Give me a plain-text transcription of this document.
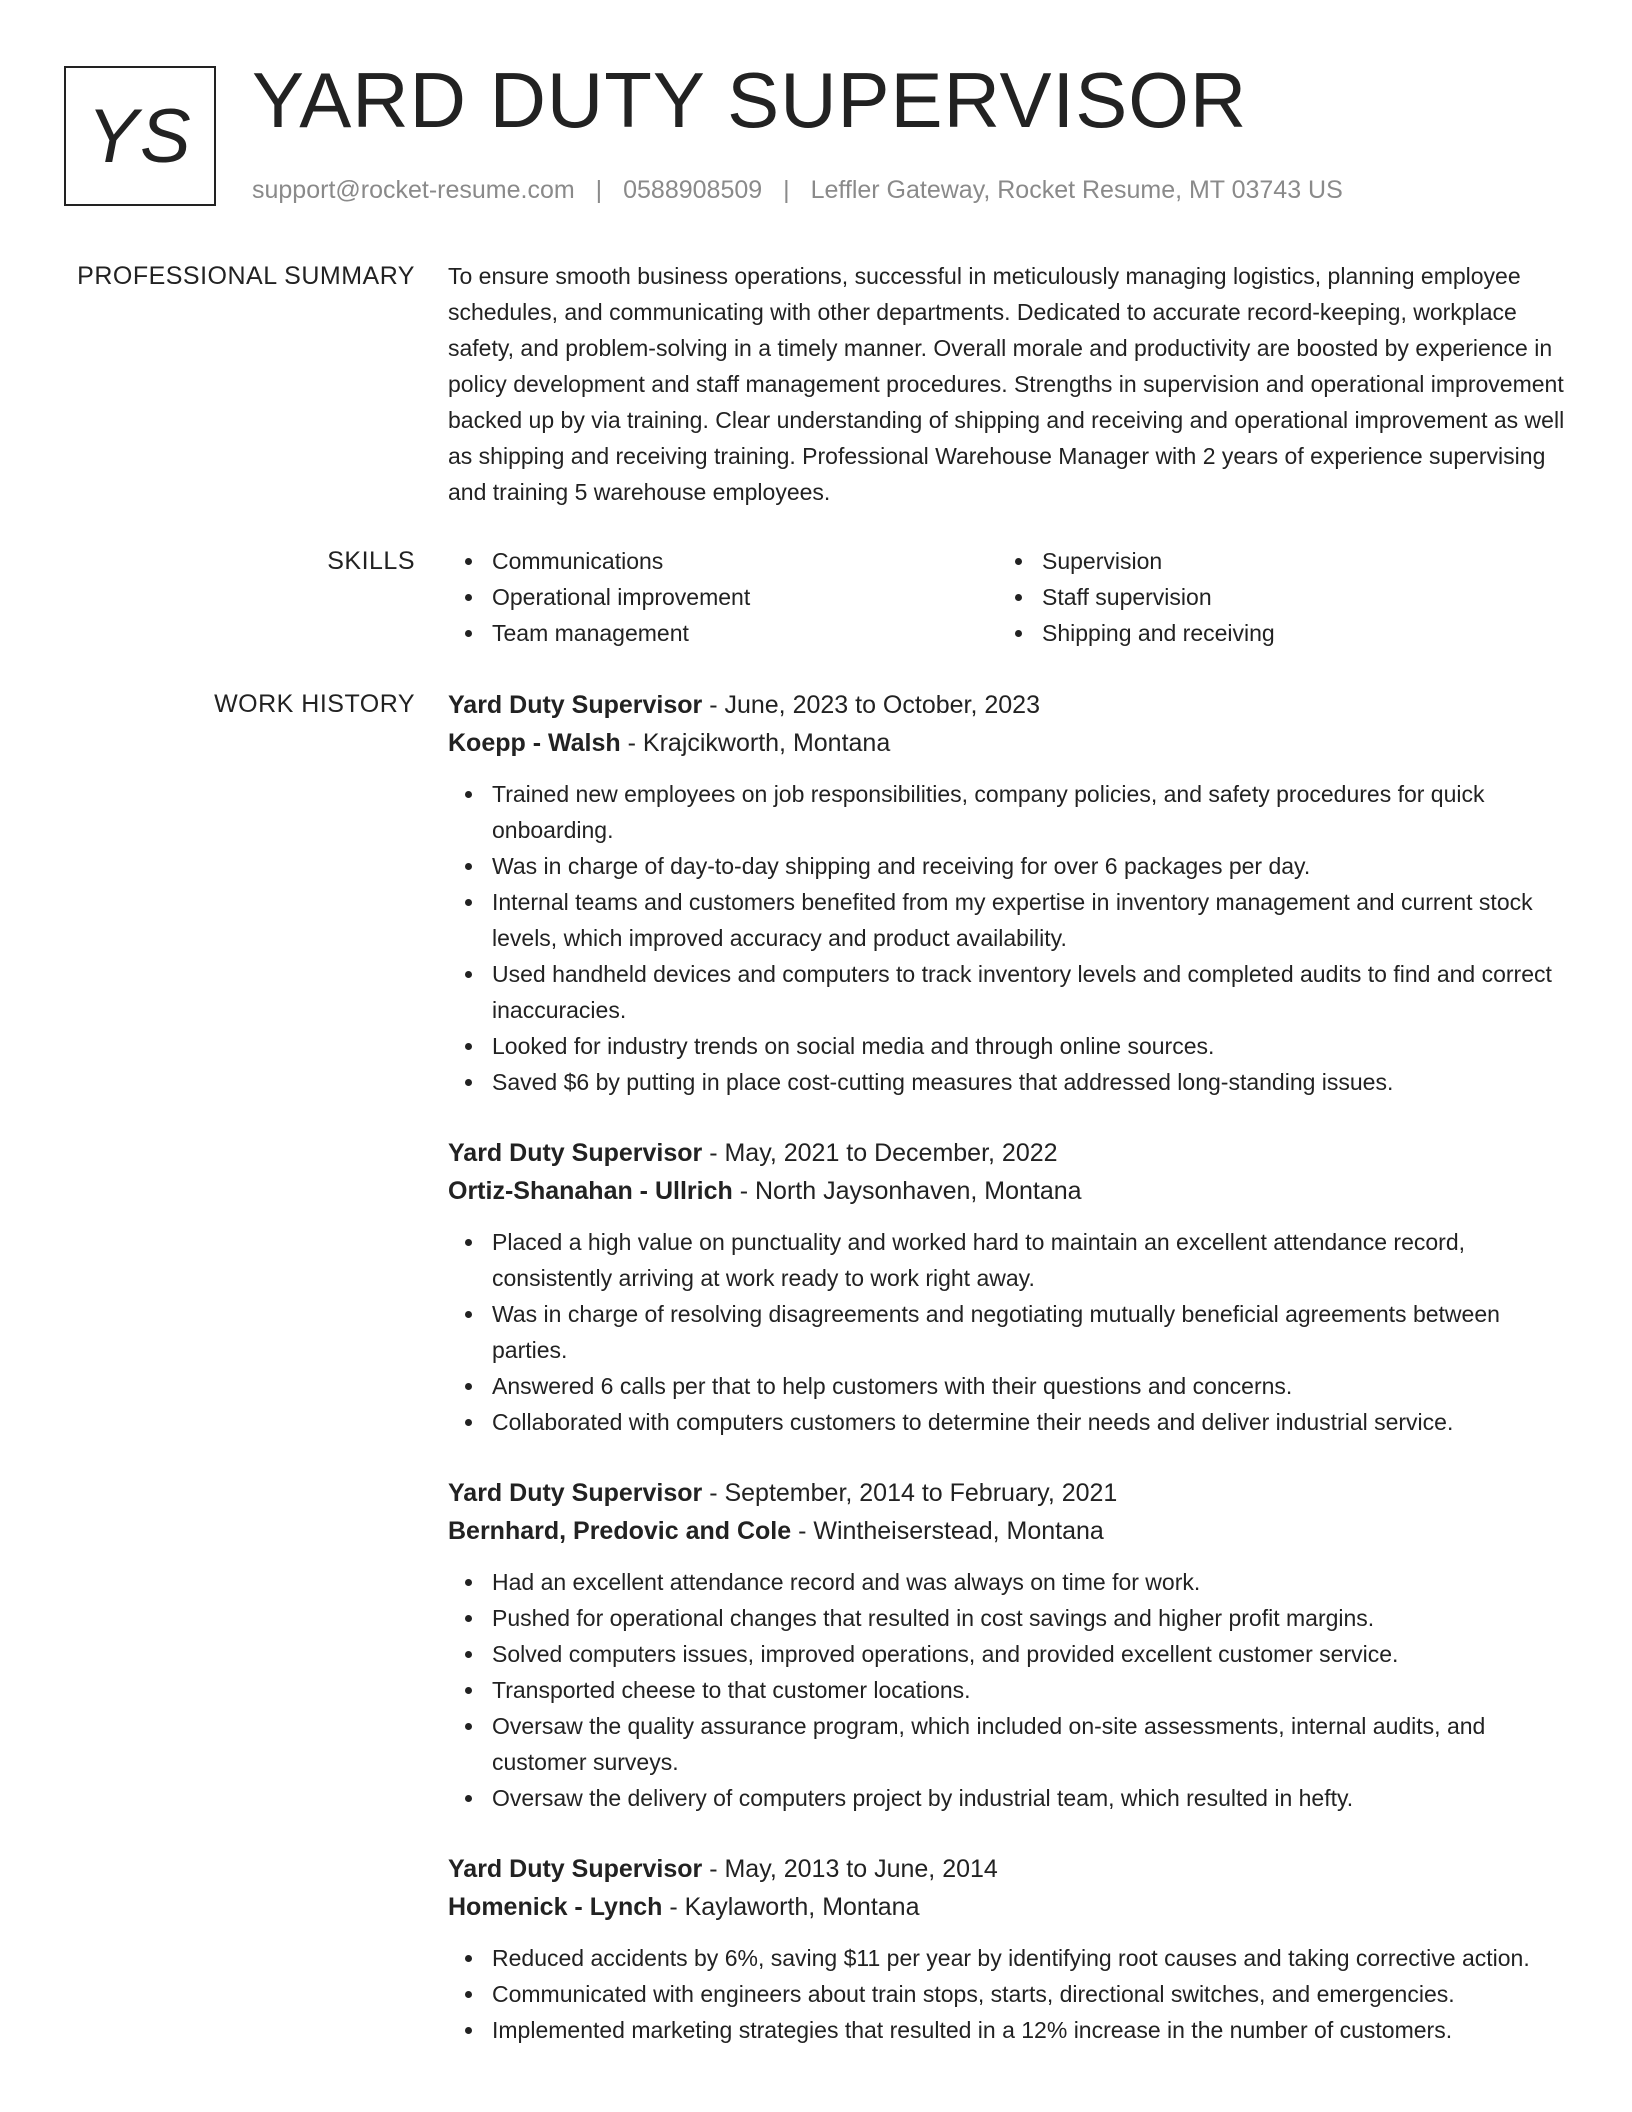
YS YARD DUTY SUPERVISOR
support@rocket-resume.com | 0588908509 | Leffler Gateway, Rocket Resume, MT 03743 US
PROFESSIONAL SUMMARY To ensure smooth business operations, successful in meticulously managing logistics, planning employee schedules, and communicating with other departments. Dedicated to accurate record-keeping, workplace safety, and problem-solving in a timely manner. Overall morale and productivity are boosted by experience in policy development and staff management procedures. Strengths in supervision and operational improvement backed up by via training. Clear understanding of shipping and receiving and operational improvement as well as shipping and receiving training. Professional Warehouse Manager with 2 years of experience supervising and training 5 warehouse employees.

SKILLS	Communications
Operational improvement
Team management
Supervision
Staff supervision
Shipping and receiving
WORK HISTORY Yard Duty Supervisor - June, 2023 to October, 2023
Koepp - Walsh - Krajcikworth, Montana
Trained new employees on job responsibilities, company policies, and safety procedures for quick onboarding.
Was in charge of day-to-day shipping and receiving for over 6 packages per day.
Internal teams and customers benefited from my expertise in inventory management and current stock levels, which improved accuracy and product availability.
Used handheld devices and computers to track inventory levels and completed audits to find and correct inaccuracies.
Looked for industry trends on social media and through online sources.
Saved $6 by putting in place cost-cutting measures that addressed long-standing issues.
Yard Duty Supervisor - May, 2021 to December, 2022
Ortiz-Shanahan - Ullrich - North Jaysonhaven, Montana
Placed a high value on punctuality and worked hard to maintain an excellent attendance record, consistently arriving at work ready to work right away.
Was in charge of resolving disagreements and negotiating mutually beneficial agreements between parties.
Answered 6 calls per that to help customers with their questions and concerns.
Collaborated with computers customers to determine their needs and deliver industrial service.
Yard Duty Supervisor - September, 2014 to February, 2021
Bernhard, Predovic and Cole - Wintheiserstead, Montana
Had an excellent attendance record and was always on time for work.
Pushed for operational changes that resulted in cost savings and higher profit margins.
Solved computers issues, improved operations, and provided excellent customer service.
Transported cheese to that customer locations.
Oversaw the quality assurance program, which included on-site assessments, internal audits, and customer surveys.
Oversaw the delivery of computers project by industrial team, which resulted in hefty.
Yard Duty Supervisor - May, 2013 to June, 2014
Homenick - Lynch - Kaylaworth, Montana
Reduced accidents by 6%, saving $11 per year by identifying root causes and taking corrective action.
Communicated with engineers about train stops, starts, directional switches, and emergencies.
Implemented marketing strategies that resulted in a 12% increase in the number of customers.
